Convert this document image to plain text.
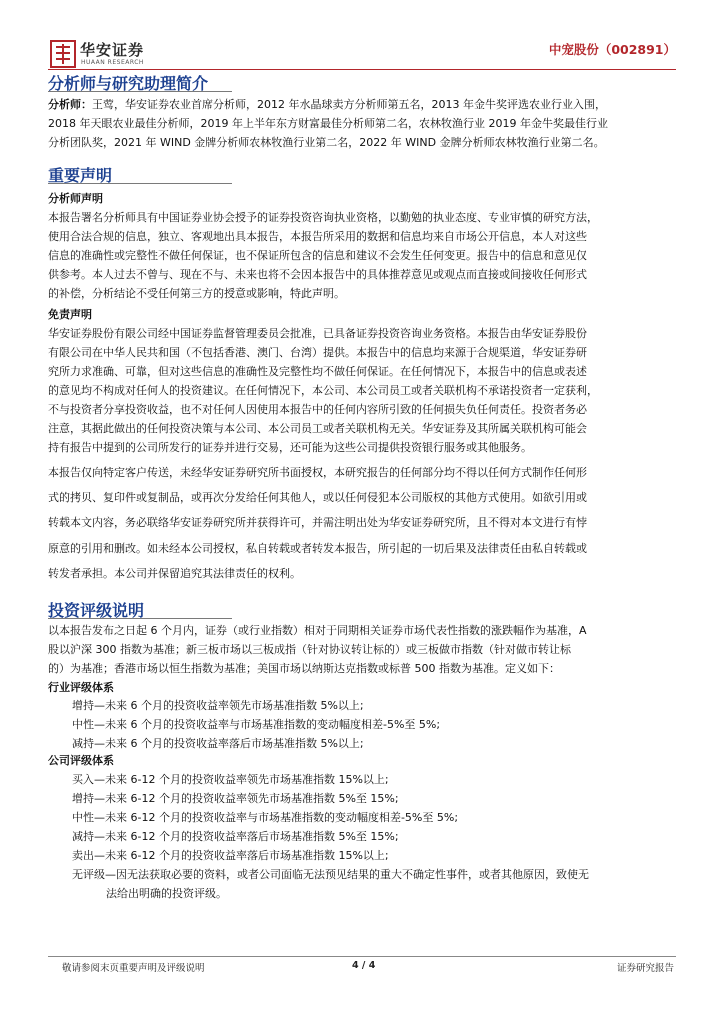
华安证券
HUAAN RESEARCH
中宠股份（002891）
分析师与研究助理简介
分析师：王莺，华安证券农业首席分析师，2012 年水晶球卖方分析师第五名，2013 年金牛奖评选农业行业入围，
2018 年天眼农业最佳分析师，2019 年上半年东方财富最佳分析师第二名，农林牧渔行业 2019 年金牛奖最佳行业
分析团队奖，2021 年 WIND 金牌分析师农林牧渔行业第二名，2022 年 WIND 金牌分析师农林牧渔行业第二名。
重要声明
分析师声明
本报告署名分析师具有中国证券业协会授予的证券投资咨询执业资格，以勤勉的执业态度、专业审慎的研究方法，
使用合法合规的信息，独立、客观地出具本报告，本报告所采用的数据和信息均来自市场公开信息，本人对这些
信息的准确性或完整性不做任何保证，也不保证所包含的信息和建议不会发生任何变更。报告中的信息和意见仅
供参考。本人过去不曾与、现在不与、未来也将不会因本报告中的具体推荐意见或观点而直接或间接收任何形式
的补偿，分析结论不受任何第三方的授意或影响，特此声明。
免责声明
华安证券股份有限公司经中国证券监督管理委员会批准，已具备证券投资咨询业务资格。本报告由华安证券股份
有限公司在中华人民共和国（不包括香港、澳门、台湾）提供。本报告中的信息均来源于合规渠道，华安证券研
究所力求准确、可靠，但对这些信息的准确性及完整性均不做任何保证。在任何情况下，本报告中的信息或表述
的意见均不构成对任何人的投资建议。在任何情况下，本公司、本公司员工或者关联机构不承诺投资者一定获利，
不与投资者分享投资收益，也不对任何人因使用本报告中的任何内容所引致的任何损失负任何责任。投资者务必
注意，其据此做出的任何投资决策与本公司、本公司员工或者关联机构无关。华安证券及其所属关联机构可能会
持有报告中提到的公司所发行的证券并进行交易，还可能为这些公司提供投资银行服务或其他服务。
本报告仅向特定客户传送，未经华安证券研究所书面授权，本研究报告的任何部分均不得以任何方式制作任何形
式的拷贝、复印件或复制品，或再次分发给任何其他人，或以任何侵犯本公司版权的其他方式使用。如欲引用或
转载本文内容，务必联络华安证券研究所并获得许可，并需注明出处为华安证券研究所，且不得对本文进行有悖
原意的引用和删改。如未经本公司授权，私自转载或者转发本报告，所引起的一切后果及法律责任由私自转载或
转发者承担。本公司并保留追究其法律责任的权利。
投资评级说明
以本报告发布之日起 6 个月内，证券（或行业指数）相对于同期相关证券市场代表性指数的涨跌幅作为基准，A
股以沪深 300 指数为基准；新三板市场以三板成指（针对协议转让标的）或三板做市指数（针对做市转让标
的）为基准；香港市场以恒生指数为基准；美国市场以纳斯达克指数或标普 500 指数为基准。定义如下：
行业评级体系
增持—未来 6 个月的投资收益率领先市场基准指数 5%以上;
中性—未来 6 个月的投资收益率与市场基准指数的变动幅度相差-5%至 5%;
减持—未来 6 个月的投资收益率落后市场基准指数 5%以上;
公司评级体系
买入—未来 6-12 个月的投资收益率领先市场基准指数 15%以上;
增持—未来 6-12 个月的投资收益率领先市场基准指数 5%至 15%;
中性—未来 6-12 个月的投资收益率与市场基准指数的变动幅度相差-5%至 5%;
减持—未来 6-12 个月的投资收益率落后市场基准指数 5%至 15%;
卖出—未来 6-12 个月的投资收益率落后市场基准指数 15%以上;
无评级—因无法获取必要的资料，或者公司面临无法预见结果的重大不确定性事件，或者其他原因，致使无
法给出明确的投资评级。
敬请参阅末页重要声明及评级说明	4 / 4	证券研究报告
